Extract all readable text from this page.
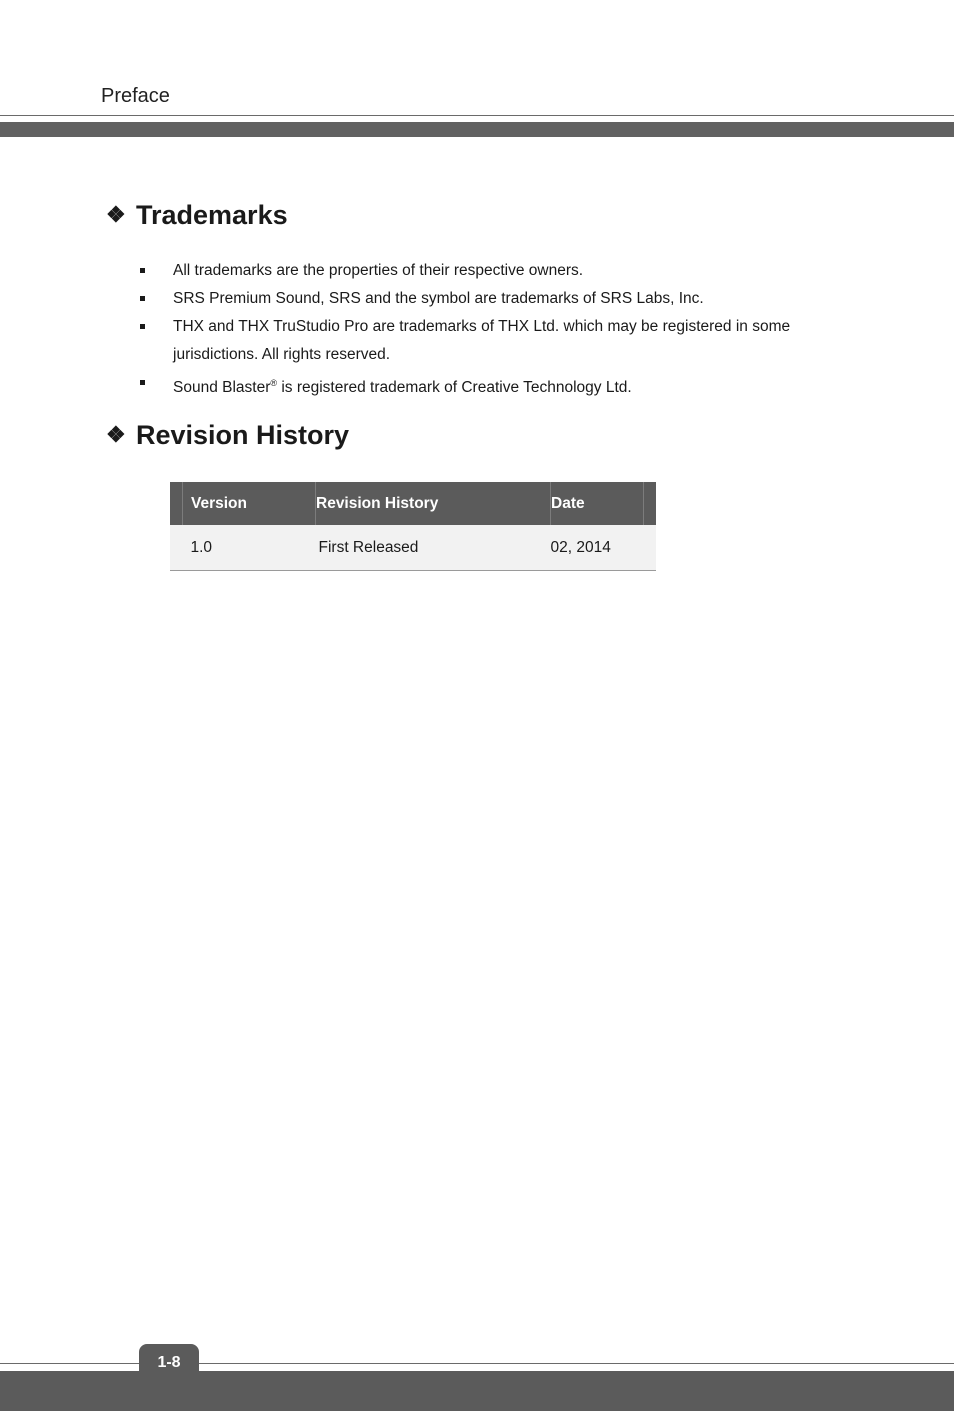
Preface
❖ Trademarks
All trademarks are the properties of their respective owners.
SRS Premium Sound, SRS and the symbol are trademarks of SRS Labs, Inc.
THX and THX TruStudio Pro are trademarks of THX Ltd. which may be registered in some jurisdictions. All rights reserved.
Sound Blaster® is registered trademark of Creative Technology Ltd.
❖ Revision History
	Version	Revision History	Date	
	1.0	First Released	02, 2014	
1-8
